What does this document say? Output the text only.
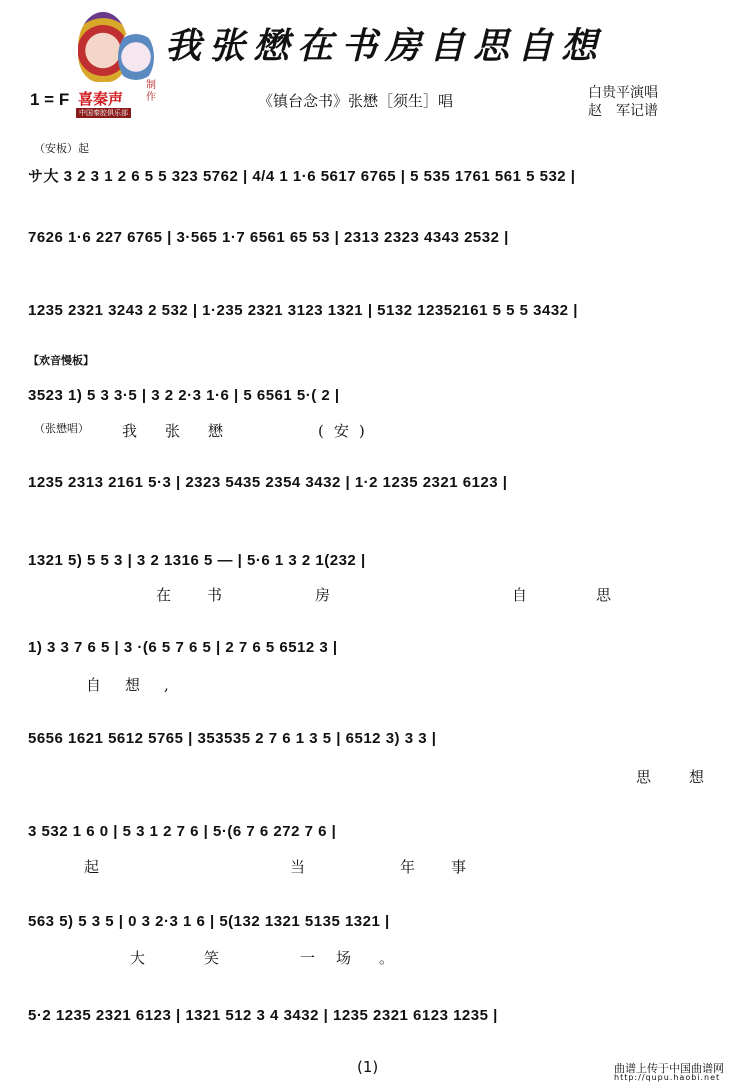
喜秦声
制作
中国秦腔俱乐部
我张懋在书房自思自想
1 = F	《镇台念书》张懋［须生］唱	白贵平演唱
赵　军记谱
（安板）起
【欢音慢板】
（张懋唱）
サ大 3 2 3 1 2 6 5 5 323 5762 | 4/4 1 1·6 5617 6765 | 5 535 1761 561 5 532 |
7626 1·6 227 6765 | 3·565 1·7 6561 65 53 | 2313 2323 4343 2532 |
1235 2321 3243 2 532 | 1·235 2321 3123 1321 | 5132 12352161 5 5 5 3432 |
3523 1) 5 3 3·5 | 3 2 2·3 1·6 | 5 6561 5·( 2 |
1235 2313 2161 5·3 | 2323 5435 2354 3432 | 1·2 1235 2321 6123 |
1321 5) 5 5 3 | 3 2 1316 5 — | 5·6 1 3 2 1(232 |
1) 3 3 7 6 5 | 3 ·(6 5 7 6 5 | 2 7 6 5 6512 3 |
5656 1621 5612 5765 | 353535 2 7 6 1 3 5 | 6512 3) 3 3 |
3 532 1 6 0 | 5 3 1 2 7 6 | 5·(6 7 6 272 7 6 |
563 5) 5 3 5 | 0 3 2·3 1 6 | 5(132 1321 5135 1321 |
5·2 1235 2321 6123 | 1321 512 3 4 3432 | 1235 2321 6123 1235 |
我张懋	(安)
在书	房	自	思
自想,
思 想
起	当	年事
大 笑	一
场。
(1)	曲谱上传于中国曲谱网
http://qupu.haobi.net
